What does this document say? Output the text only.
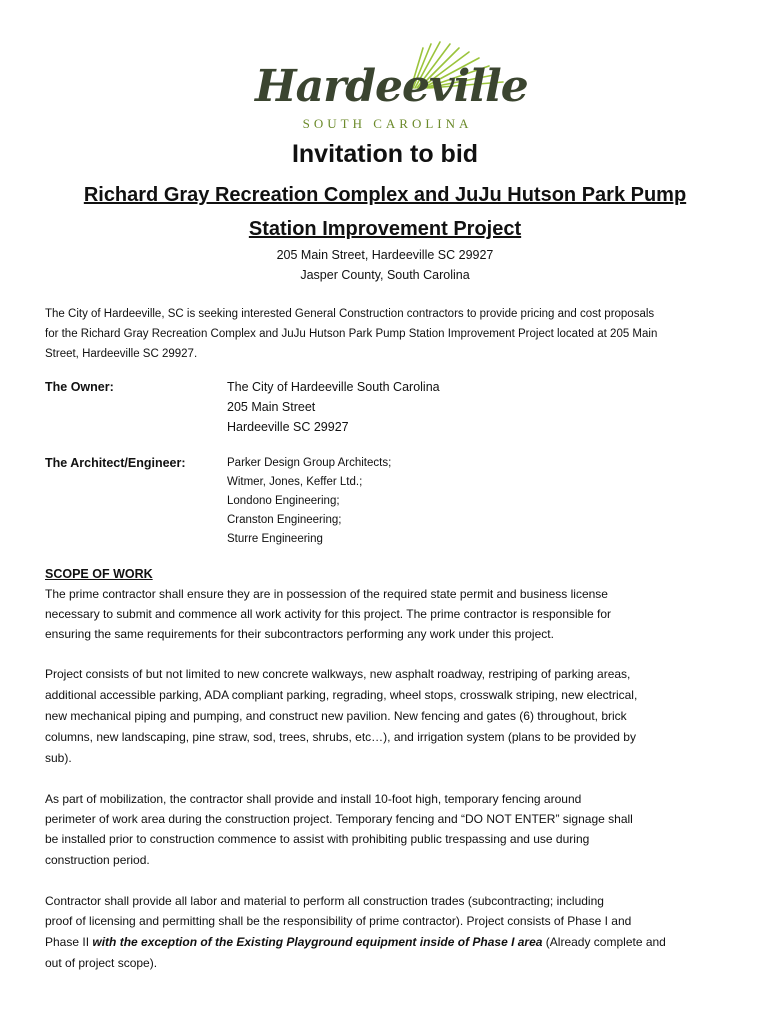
Hardeeville
SOUTH CAROLINA
Invitation to bid
Richard Gray Recreation Complex and JuJu Hutson Park Pump
Station Improvement Project
205 Main Street, Hardeeville SC 29927
Jasper County, South Carolina
The City of Hardeeville, SC is seeking interested General Construction contractors to provide pricing and cost proposals
for the Richard Gray Recreation Complex and JuJu Hutson Park Pump Station Improvement Project located at 205 Main
Street, Hardeeville SC 29927.
The Owner:	The City of Hardeeville South Carolina
205 Main Street
Hardeeville SC 29927
The Architect/Engineer:	Parker Design Group Architects;
Witmer, Jones, Keffer Ltd.;
Londono Engineering;
Cranston Engineering;
Sturre Engineering
SCOPE OF WORK
The prime contractor shall ensure they are in possession of the required state permit and business license
necessary to submit and commence all work activity for this project. The prime contractor is responsible for
ensuring the same requirements for their subcontractors performing any work under this project.
Project consists of but not limited to new concrete walkways, new asphalt roadway, restriping of parking areas,
additional accessible parking, ADA compliant parking, regrading, wheel stops, crosswalk striping, new electrical,
new mechanical piping and pumping, and construct new pavilion. New fencing and gates (6) throughout, brick
columns, new landscaping, pine straw, sod, trees, shrubs, etc…), and irrigation system (plans to be provided by
sub).
As part of mobilization, the contractor shall provide and install 10-foot high, temporary fencing around
perimeter of work area during the construction project. Temporary fencing and “DO NOT ENTER” signage shall
be installed prior to construction commence to assist with prohibiting public trespassing and use during
construction period.
Contractor shall provide all labor and material to perform all construction trades (subcontracting; including
proof of licensing and permitting shall be the responsibility of prime contractor). Project consists of Phase I and
Phase II with the exception of the Existing Playground equipment inside of Phase I area (Already complete and
out of project scope).
